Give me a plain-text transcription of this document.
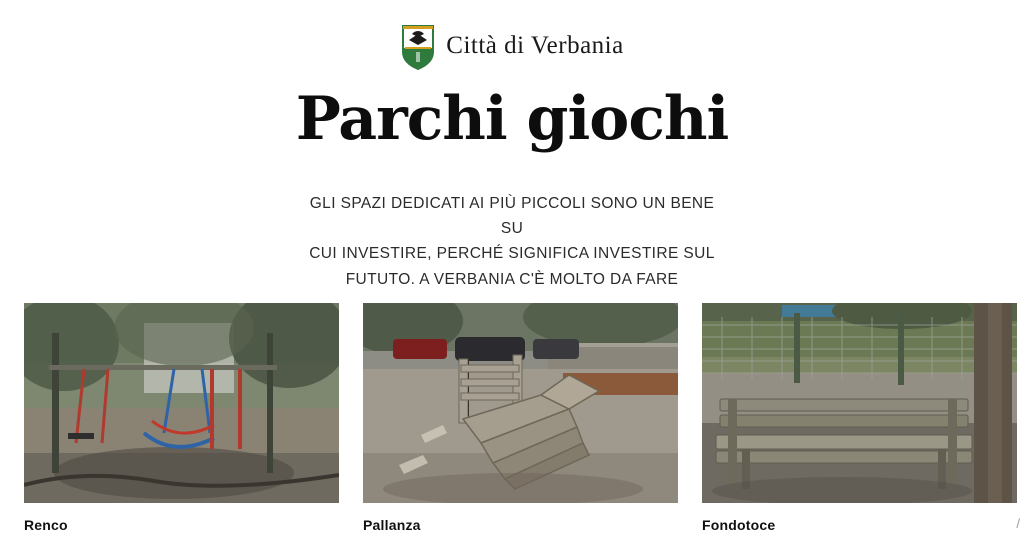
Città di Verbania
Parchi giochi
GLI SPAZI DEDICATI AI PIÙ PICCOLI SONO UN BENE SU
CUI INVESTIRE, PERCHÉ SIGNIFICA INVESTIRE SUL
FUTUTO. A VERBANIA C'È MOLTO DA FARE
Renco	Pallanza	Fondotoce	/
